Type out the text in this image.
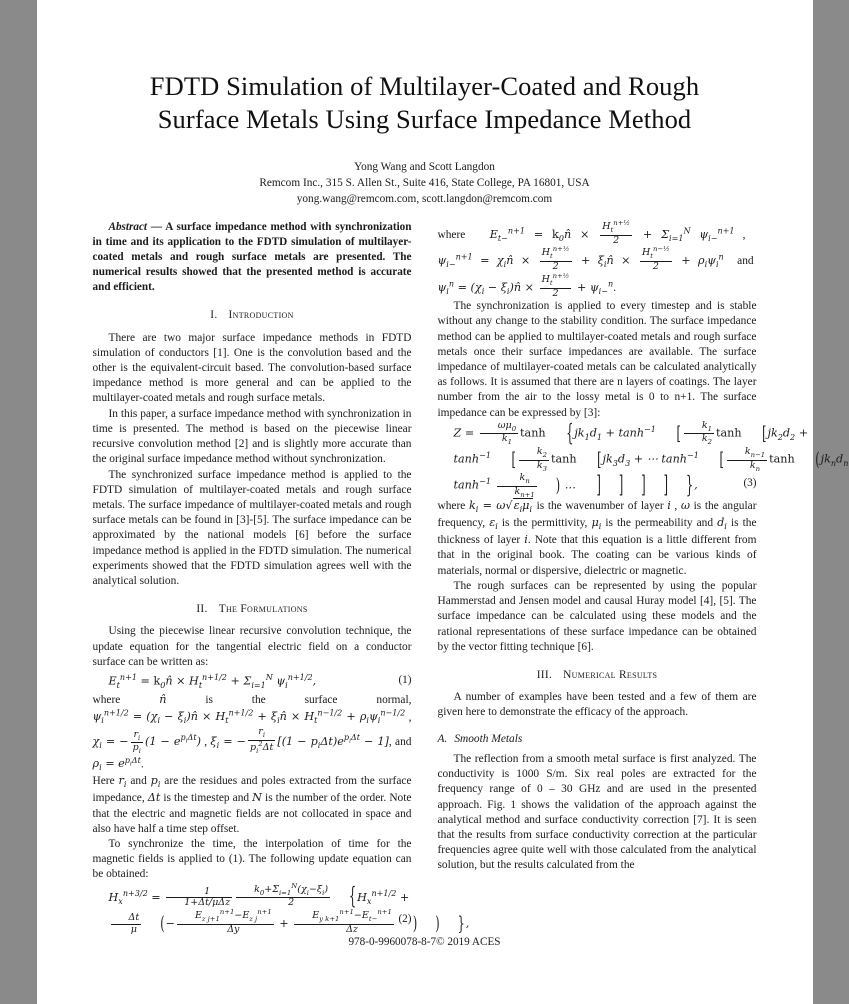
FDTD Simulation of Multilayer-Coated and Rough Surface Metals Using Surface Impedance Method
Yong Wang and Scott Langdon
Remcom Inc., 315 S. Allen St., Suite 416, State College, PA 16801, USA
yong.wang@remcom.com, scott.langdon@remcom.com

Abstract — A surface impedance method with synchronization in time and its application to the FDTD simulation of multilayer-coated metals and rough surface metals are presented. The numerical results showed that the presented method is accurate and efficient.

I. Introduction

There are two major surface impedance methods in FDTD simulation of conductors [1]. One is the convolution based and the other is the equivalent-circuit based. The convolution-based surface impedance method is more general and can be applied to the multilayer-coated metals and rough surface metals.

In this paper, a surface impedance method with synchronization in time is presented. The method is based on the piecewise linear recursive convolution method [2] and is slightly more accurate than the original surface impedance method without synchronization.

The synchronized surface impedance method is applied to the FDTD simulation of multilayer-coated metals and rough surface metals. The surface impedance of multilayer-coated metals and rough surface metals can be found in [3]-[5]. The surface impedance can be approximated by the national models [6] before the surface impedance method is applied in the FDTD simulation. The numerical experiments showed that the FDTD simulation agrees well with the analytical solution.

II. The Formulations

Using the piecewise linear recursive convolution technique, the update equation for the tangential electric field on a conductor surface can be written as:

$E_t^{n+1}$ = $k_0n̂ \times H_t^{n+1/2} + \Sigma_{i=1}^N$ $\psi_i^{n+1/2}$,	(1)

where	n̂	is the surface normal, $\psi_i^{n+1/2} = (\chi_i$ − $\xi_i)n̂ \times H_t^{n+1/2}$ + $\xi_in̂ \times H_t^{n-1/2} + \rho_i\psi_i^{n-1/2}$ , $\chi_i$ = − $\frac{r_i}{p_i} (1 - e^{p_i\Delta t})$ , $\xi_i$ = − $\frac{r_i}{p_i^2\Delta t} [(1 - p_i\Delta t)e^{p_i\Delta t} - 1]$, and $\rho_i = e^{p_i\Delta t}$.

Here $r_i$ and $p_i$ are the residues and poles extracted from the surface impedance, Δt is the timestep and N is the number of the order. Note that the electric and magnetic fields are not collocated in space and also have half a time step offset.

To synchronize the time, the interpolation of time for the magnetic fields is applied to (1). The following update equation can be obtained:

$H_x^{n+3/2} = \frac{1}{\text{1+Δt/μΔz}} \frac{k_0+\Sigma_{i=1}^N(\chi_i-\xi_i)}{2} \{H_x^{n+1/2}$ +

$\frac{\Delta t}{\mu}$ (− $\frac{E_{z j+1}^{n+1}-E_{z j}^{n+1}}{\Delta y} + \frac{E_{y k+1}^{n+1}-E_{t-}^{n+1}}{\Delta z}$ ) ) },
(2)

where $E_{t-}^{n+1}$ = $k_0n̂ \times \frac{H_t^{n+\frac{1}{2}}}{2} + \Sigma_{i=1}^N$ $\psi_{i-}^{n+1}$ ,   $\psi_{i-}^{n+1}$ = $\chi_in̂ \times \frac{H_t^{n+\frac{1}{2}}}{2}$ + $\xi_in̂ \times \frac{H_t^{n-\frac{1}{2}}}{2} + \rho_i\psi_i^n$ and  $\psi_i^n = (\chi_i$ − $\xi_i)n̂ \times \frac{H_t^{n+\frac{1}{2}}}{2} + \psi_{i-}^n$.

The synchronization is applied to every timestep and is stable without any change to the stability condition. The surface impedance method can be applied to multilayer-coated metals and rough surface metals once their surface impedances are available. The surface impedance of multilayer-coated metals can be calculated analytically as follows. It is assumed that there are n layers of coatings. The layer number from the air to the lossy metal is 0 to n+1. The surface impedance can be expressed by [3]:

$Z = \frac{\omega\mu_0}{k_1}$ $\tanh \{jk_1d_1 + \tanh^{-1}$ [ $\frac{k_1}{k_2}$ $\tanh [jk_2d_2$ +

$\tanh^{-1}$ [ $\frac{k_2}{k_3}$ $\tanh [jk_3d_3$ + ⋯ $\tanh^{-1}$ [ $\frac{k_{n-1}}{k_n}$ $\tanh (jk_nd_n$

$\tanh^{-1} \frac{k_n}{k_{n+1}}$ ) … ] ] ] ] },	(3)

where $k_i = \omega√\varepsilon_i\mu_i$ is the wavenumber of layer i , ω is the angular frequency, $\varepsilon_i$ is the permittivity, $\mu_i$ is the permeability and $d_i$ is the thickness of layer i. Note that this equation is a little different from that in the original book. The coating can be various kinds of materials, normal or dispersive, dielectric or magnetic.

The rough surfaces can be represented by using the popular Hammerstad and Jensen model and causal Huray model [4], [5]. The surface impedance can be calculated using these models and the rational representations of these surface impedance can be obtained by the vector fitting technique [6].

III. Numerical Results

A number of examples have been tested and a few of them are given here to demonstrate the efficacy of the approach.

A. Smooth Metals

The reflection from a smooth metal surface is first analyzed. The conductivity is 1000 S/m. Six real poles are extracted for the frequency range of 0 – 30 GHz and are used in the presented approach. Fig. 1 shows the validation of the approach against the analytical method and surface conductivity correction [7]. It is seen that the results from surface conductivity correction at the particular frequencies agree quite well with those calculated from the analytical solution, but the results calculated from the

978-0-9960078-8-7© 2019 ACES
